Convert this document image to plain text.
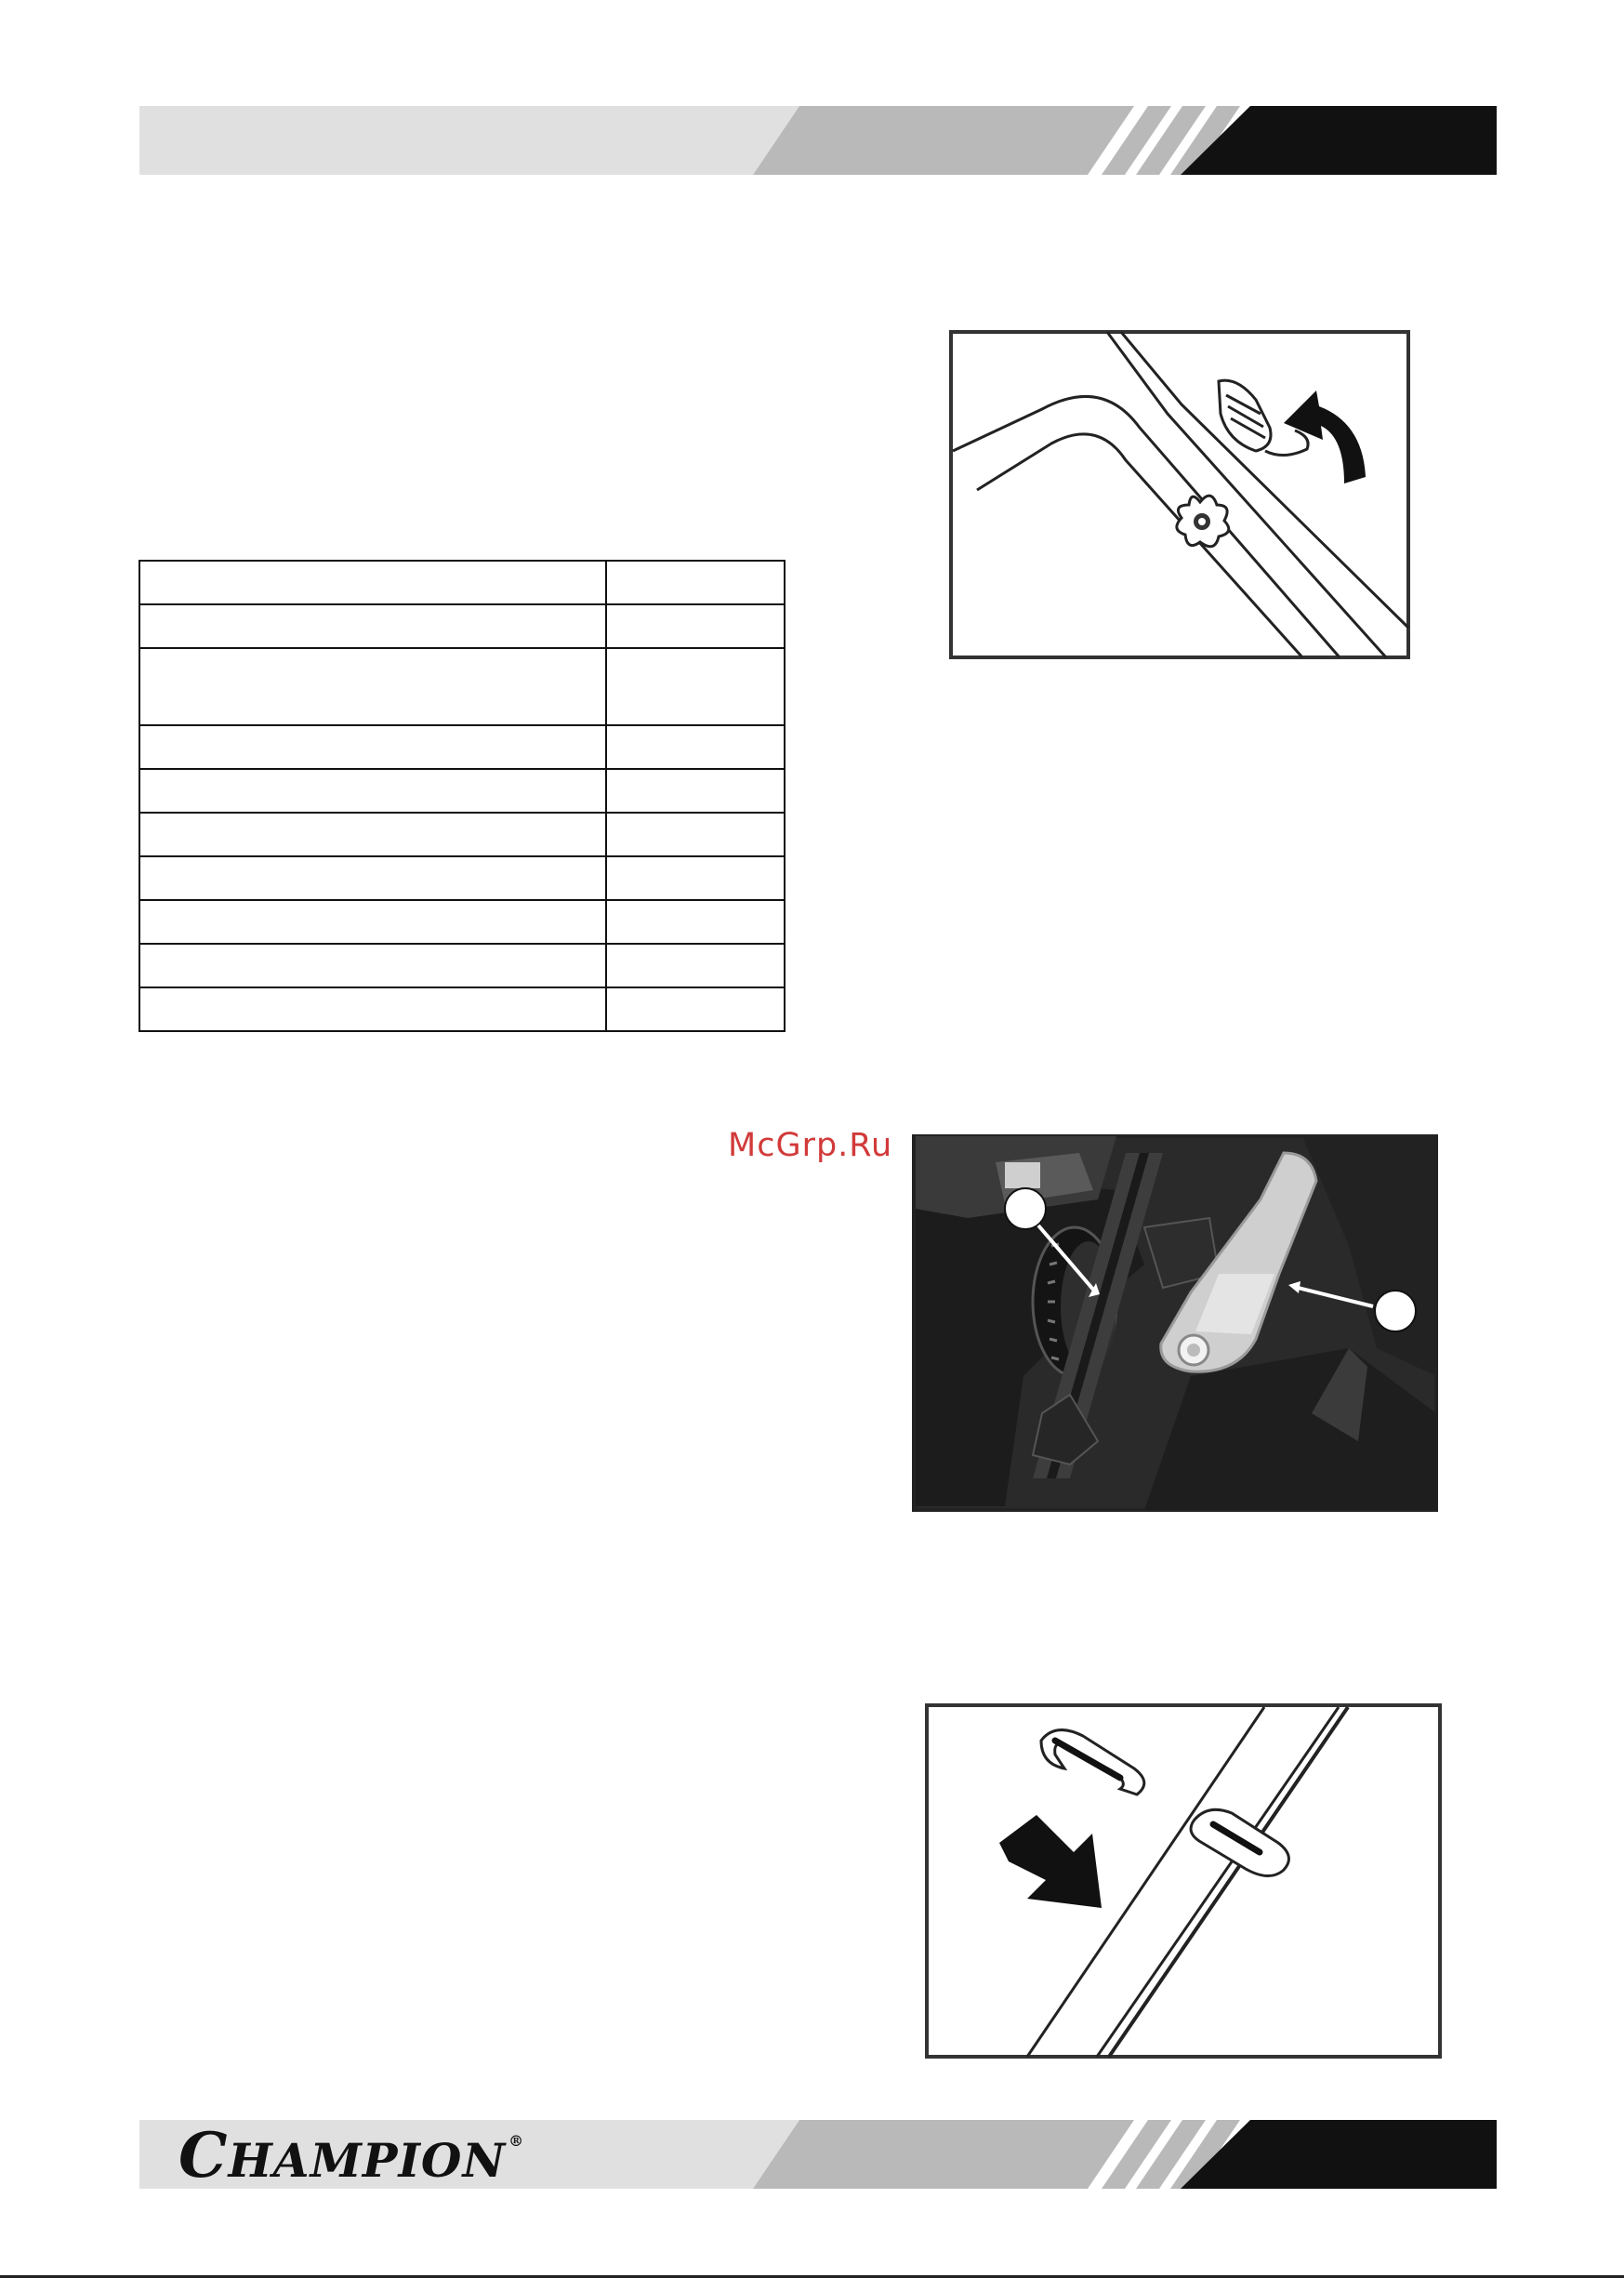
McGrp.Ru
CHAMPION ®
